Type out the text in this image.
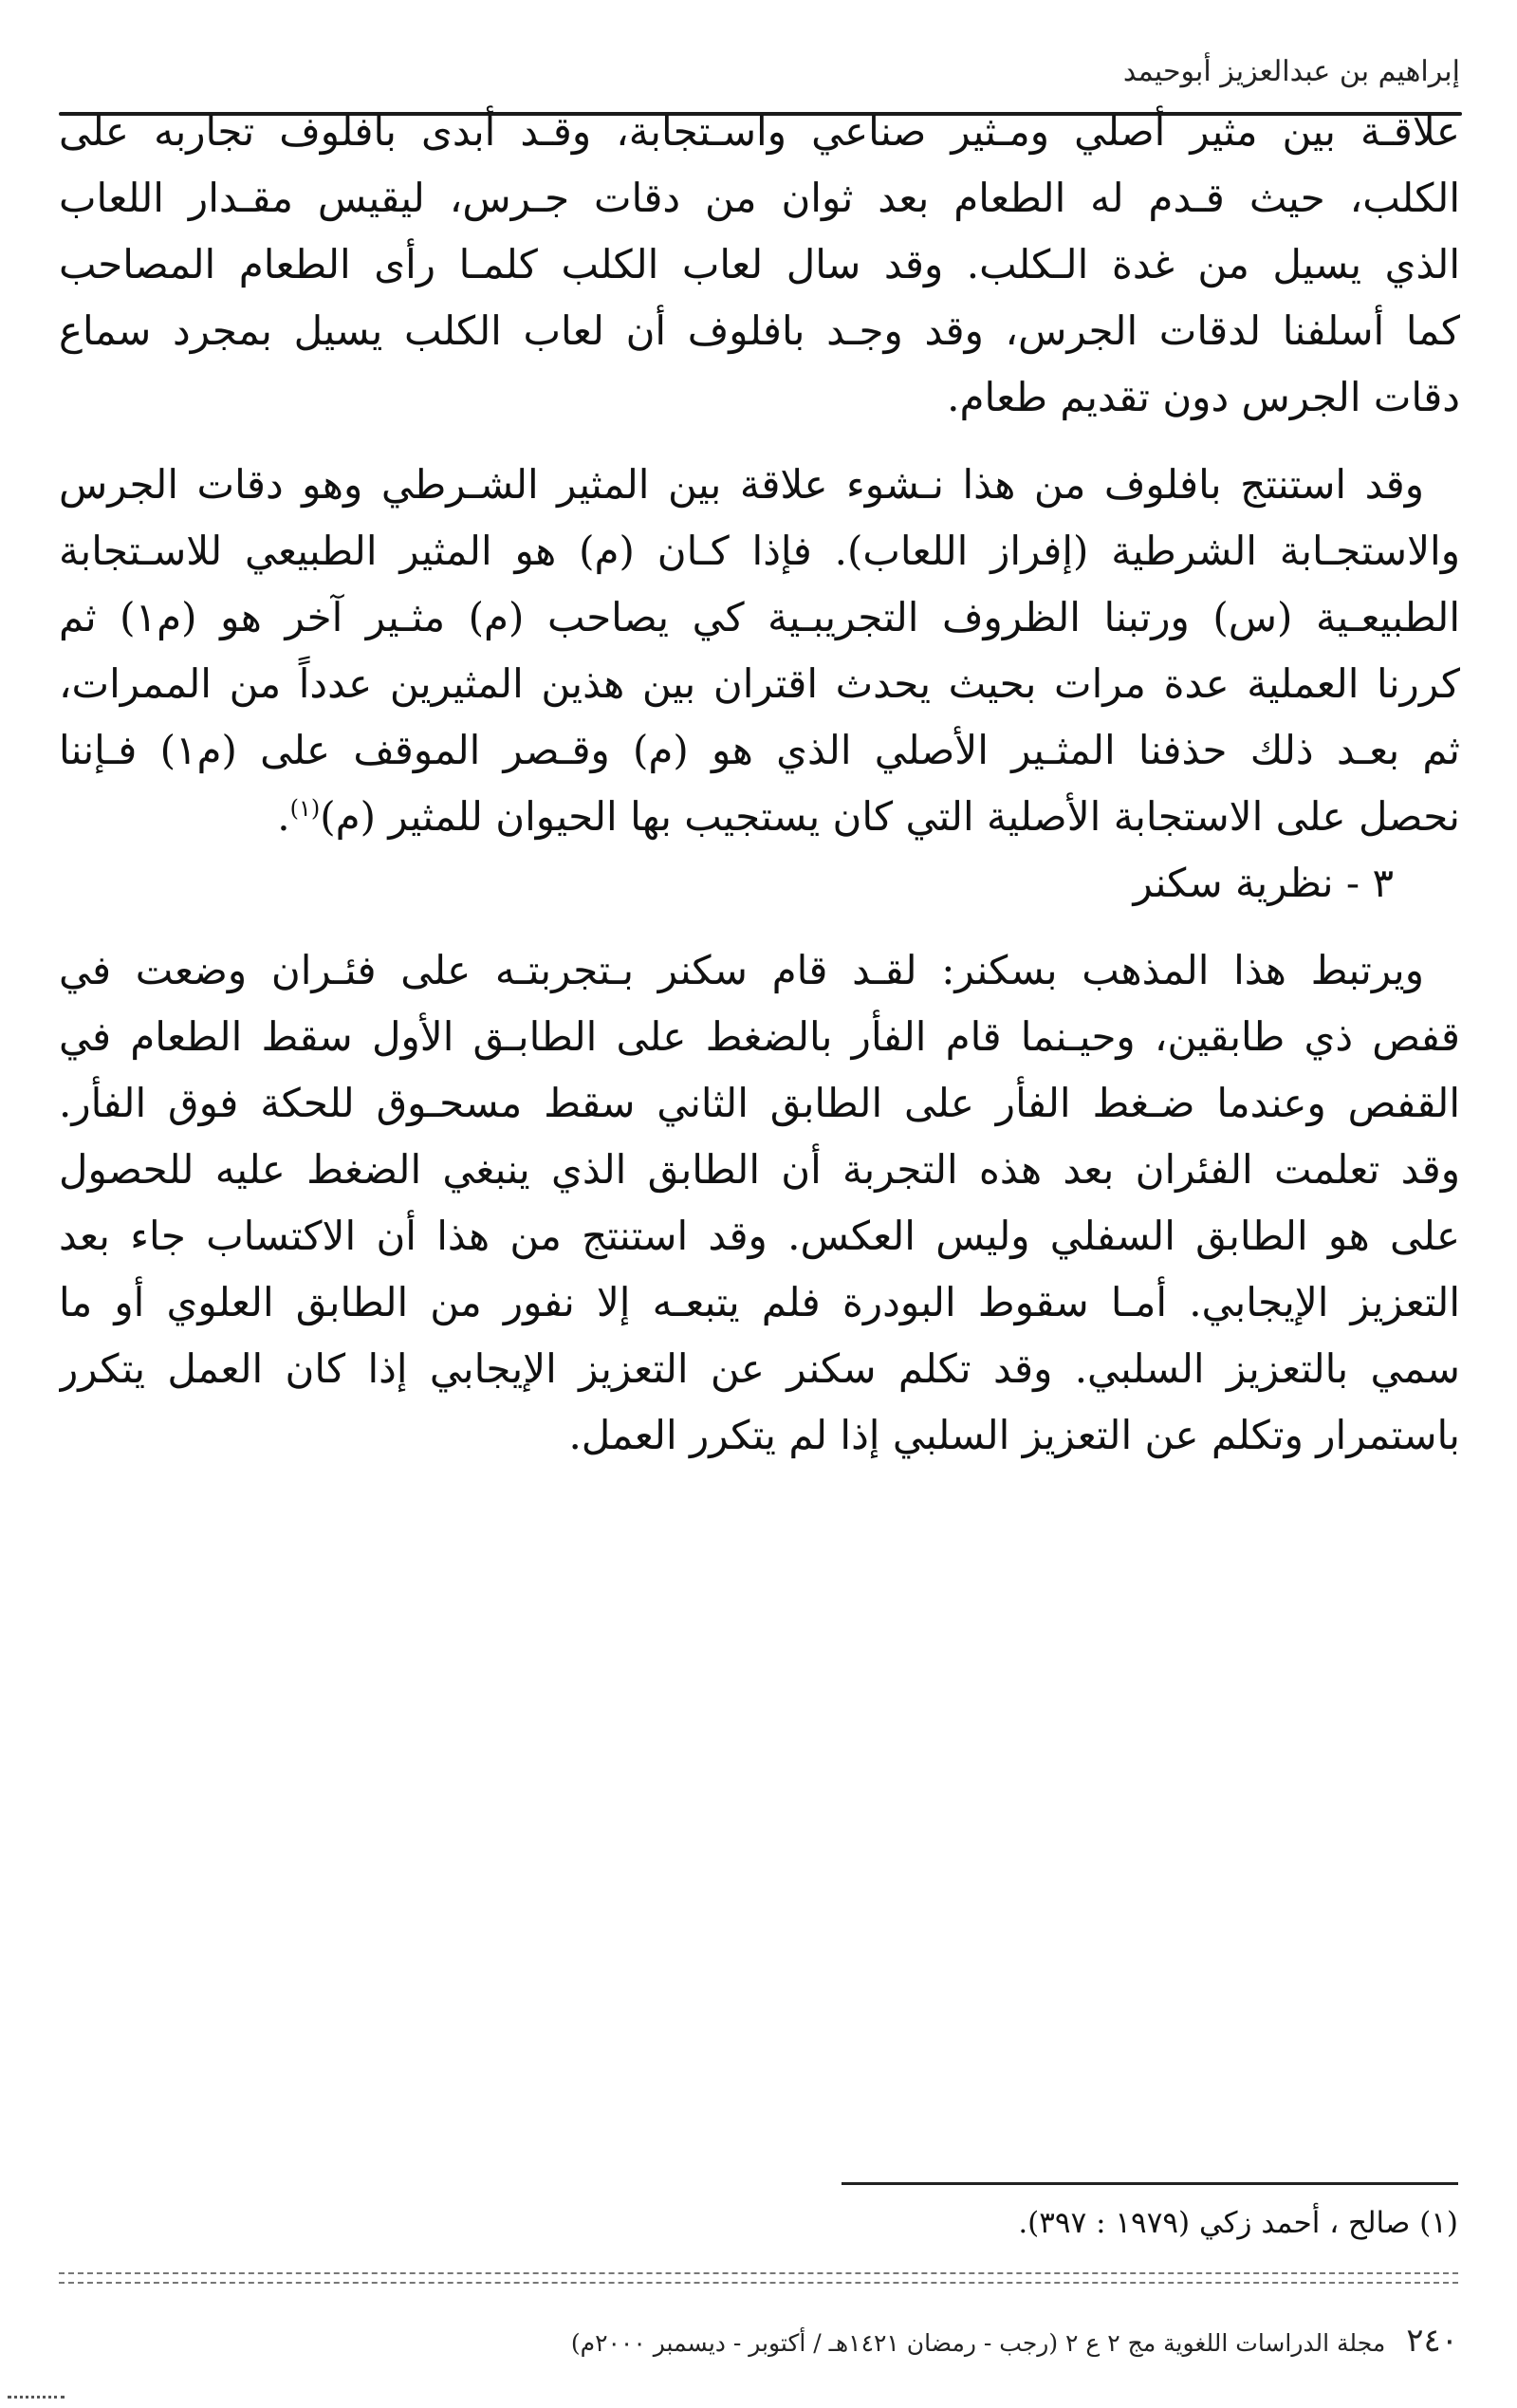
إبراهيم بن عبدالعزيز أبوحيمد
علاقـة بين مثير أصلي ومـثير صناعي واسـتجابة، وقـد أبدى بافلوف تجاربه على
الكلب، حيث قـدم له الطعام بعد ثوان من دقات جـرس، ليقيس مقـدار اللعاب
الذي يسيل من غدة الـكلب. وقد سال لعاب الكلب كلمـا رأى الطعام المصاحب
كما أسلفنا لدقات الجرس، وقد وجـد بافلوف أن لعاب الكلب يسيل بمجرد سماع
دقات الجرس دون تقديم طعام.
وقد استنتج بافلوف من هذا نـشوء علاقة بين المثير الشـرطي وهو دقات الجرس
والاستجـابة الشرطية (إفراز اللعاب). فإذا كـان (م) هو المثير الطبيعي للاسـتجابة
الطبيعـية (س) ورتبنا الظروف التجريبـية كي يصاحب (م) مثـير آخر هو (م١) ثم
كررنا العملية عدة مرات بحيث يحدث اقتران بين هذين المثيرين عدداً من الممرات،
ثم بعـد ذلك حذفنا المثـير الأصلي الذي هو (م) وقـصر الموقف على (م١) فـإننا
نحصل على الاستجابة الأصلية التي كان يستجيب بها الحيوان للمثير (م)$^{(١)}$.
٣ - نظرية سكنر
ويرتبط هذا المذهب بسكنر: لقـد قام سكنر بـتجربتـه على فئـران وضعت في
قفص ذي طابقين، وحيـنما قام الفأر بالضغط على الطابـق الأول سقط الطعام في
القفص وعندما ضـغط الفأر على الطابق الثاني سقط مسحـوق للحكة فوق الفأر.
وقد تعلمت الفئران بعد هذه التجربة أن الطابق الذي ينبغي الضغط عليه للحصول
على هو الطابق السفلي وليس العكس. وقد استنتج من هذا أن الاكتساب جاء بعد
التعزيز الإيجابي. أمـا سقوط البودرة فلم يتبعـه إلا نفور من الطابق العلوي أو ما
سمي بالتعزيز السلبي. وقد تكلم سكنر عن التعزيز الإيجابي إذا كان العمل يتكرر
باستمرار وتكلم عن التعزيز السلبي إذا لم يتكرر العمل.
(١) صالح ، أحمد زكي (١٩٧٩ : ٣٩٧).
٢٤٠ مجلة الدراسات اللغوية مج ٢ ع ٢ (رجب - رمضان ١٤٢١هـ / أكتوبر - ديسمبر ٢٠٠٠م)
